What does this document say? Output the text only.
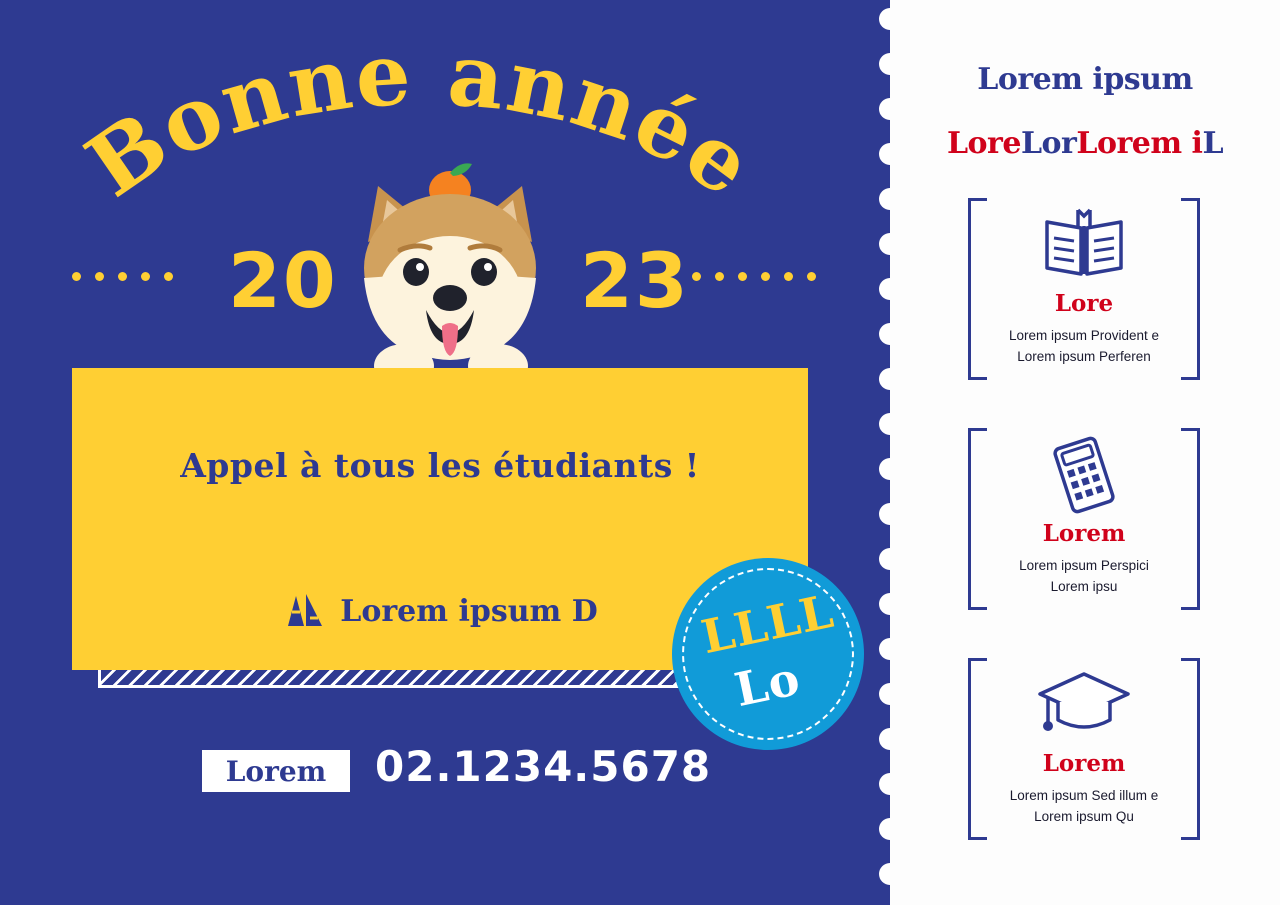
Bonne année
20	23
Appel à tous les étudiants !
Lorem ipsum D LLLL
Lo
Lorem 02.1234.5678
Lorem ipsum
LoreLorLorem iL
Lore
Lorem ipsum Provident e
Lorem ipsum Perferen
Lorem
Lorem ipsum Perspici
Lorem ipsu
Lorem
Lorem ipsum Sed illum e
Lorem ipsum Qu
